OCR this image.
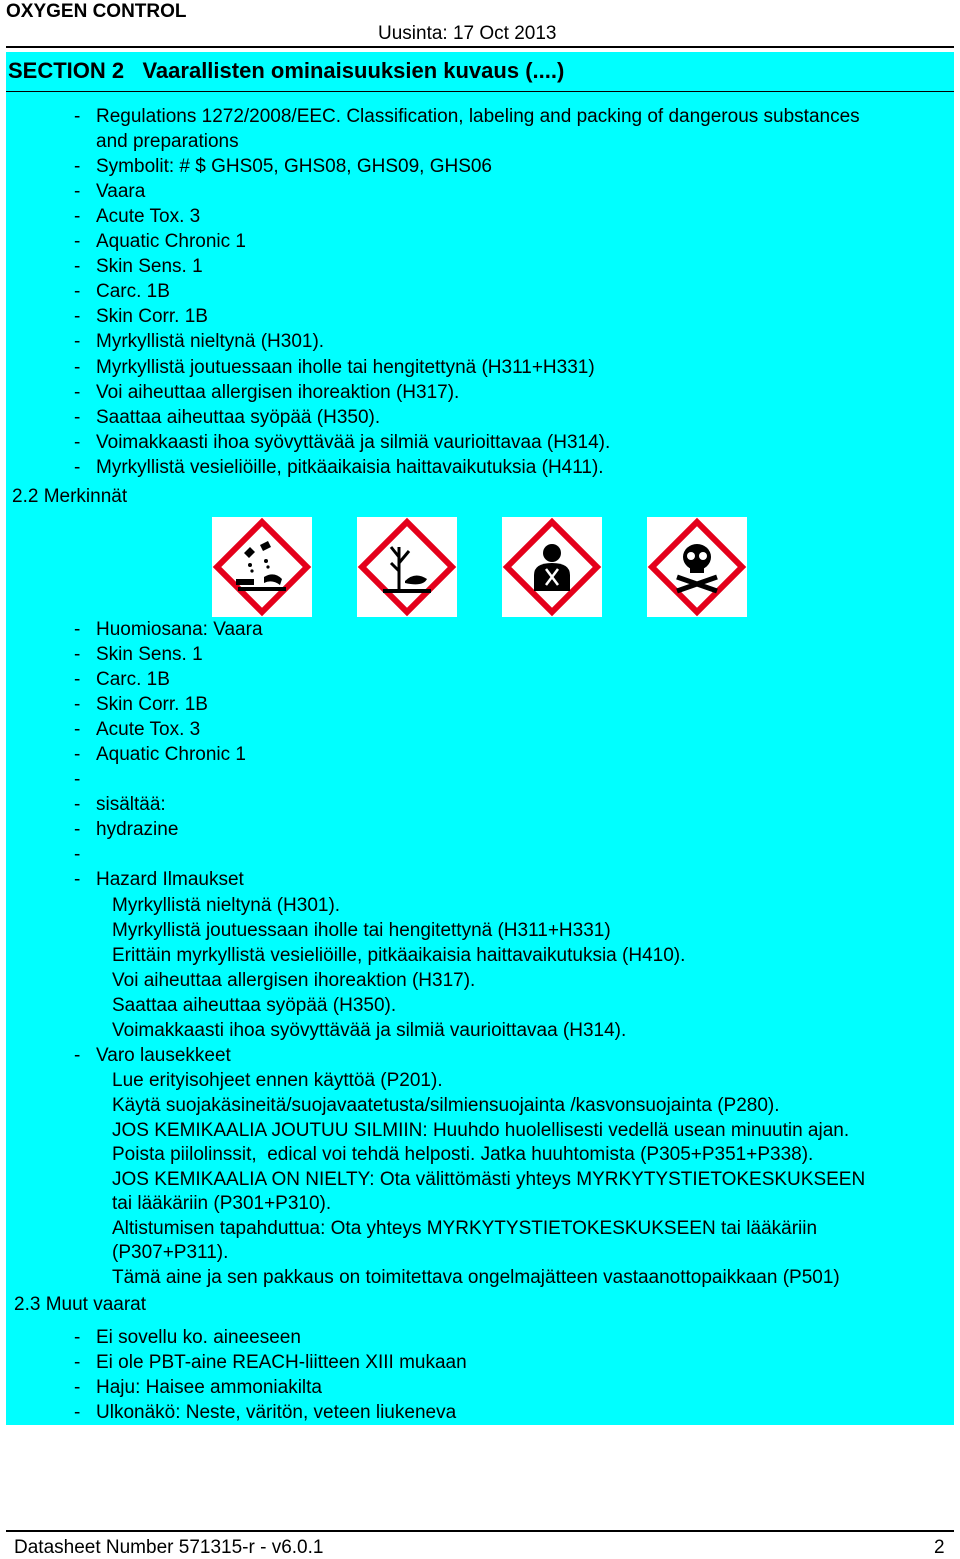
OXYGEN CONTROL
Uusinta: 17 Oct 2013
SECTION 2   Vaarallisten ominaisuuksien kuvaus (....)
- Regulations 1272/2008/EEC. Classification, labeling and packing of dangerous substances
and preparations
- Symbolit: # $ GHS05, GHS08, GHS09, GHS06
- Vaara
- Acute Tox. 3
- Aquatic Chronic 1
- Skin Sens. 1
- Carc. 1B
- Skin Corr. 1B
- Myrkyllistä nieltynä (H301).
- Myrkyllistä joutuessaan iholle tai hengitettynä (H311+H331)
- Voi aiheuttaa allergisen ihoreaktion (H317).
- Saattaa aiheuttaa syöpää (H350).
- Voimakkaasti ihoa syövyttävää ja silmiä vaurioittavaa (H314).
- Myrkyllistä vesieliöille, pitkäaikaisia haittavaikutuksia (H411).
2.2 Merkinnät
- Huomiosana: Vaara
- Skin Sens. 1
- Carc. 1B
- Skin Corr. 1B
- Acute Tox. 3
- Aquatic Chronic 1
-
- sisältää:
- hydrazine
-
- Hazard Ilmaukset
Myrkyllistä nieltynä (H301).
Myrkyllistä joutuessaan iholle tai hengitettynä (H311+H331)
Erittäin myrkyllistä vesieliöille, pitkäaikaisia haittavaikutuksia (H410).
Voi aiheuttaa allergisen ihoreaktion (H317).
Saattaa aiheuttaa syöpää (H350).
Voimakkaasti ihoa syövyttävää ja silmiä vaurioittavaa (H314).
- Varo lausekkeet
Lue erityisohjeet ennen käyttöä (P201).
Käytä suojakäsineitä/suojavaatetusta/silmiensuojainta /kasvonsuojainta (P280).
JOS KEMIKAALIA JOUTUU SILMIIN: Huuhdo huolellisesti vedellä usean minuutin ajan.
Poista piilolinssit,  edical voi tehdä helposti. Jatka huuhtomista (P305+P351+P338).
JOS KEMIKAALIA ON NIELTY: Ota välittömästi yhteys MYRKYTYSTIETOKESKUKSEEN
tai lääkäriin (P301+P310).
Altistumisen tapahduttua: Ota yhteys MYRKYTYSTIETOKESKUKSEEN tai lääkäriin
(P307+P311).
Tämä aine ja sen pakkaus on toimitettava ongelmajätteen vastaanottopaikkaan (P501)
2.3 Muut vaarat
- Ei sovellu ko. aineeseen
- Ei ole PBT-aine REACH-liitteen XIII mukaan
- Haju: Haisee ammoniakilta
- Ulkonäkö: Neste, väritön, veteen liukeneva
Datasheet Number 571315-r - v6.0.1	2
